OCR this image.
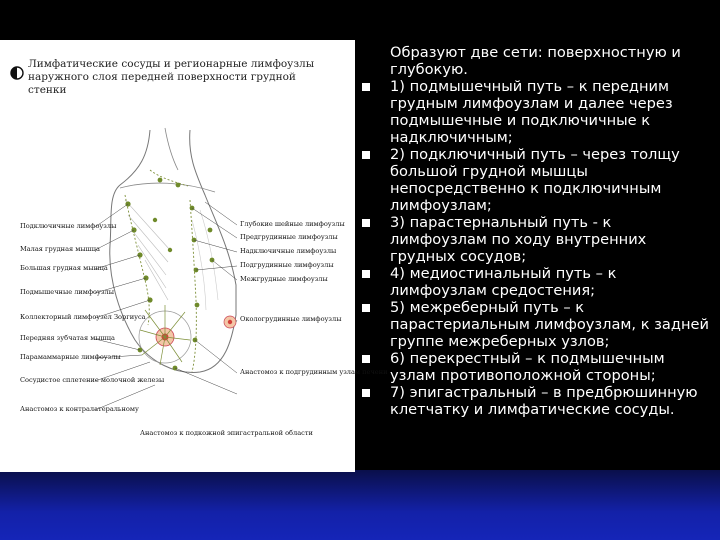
Лимфатические сосуды и регионарные лимфоузлы наружного слоя передней поверхности грудной стенки
Подключичные лимфоузлы
Малая грудная мышца
Большая грудная мышца
Подмышечные лимфоузлы
Коллекторный лимфоузел Зоргиуса
Передняя зубчатая мышца
Парамаммарные лимфоузлы
Сосудистое сплетение молочной железы
Анастомоз к контралатеральному
Глубокие шейные лимфоузлы
Предгрудинные лимфоузлы
Надключичные лимфоузлы
Подгрудинные лимфоузлы
Межгрудные лимфоузлы
Окологрудинные лимфоузлы
Анастомоз к подгрудинным узлам печени
Анастомоз к подкожной эпигастральной области

Образуют две сети: поверхностную и глубокую.

1) подмышечный путь – к передним грудным лимфоузлам и далее через подмышечные и подключичные к надключичным;
2) подключичный путь – через толщу большой грудной мышцы непосредственно к подключичным лимфоузлам;
3) парастернальный путь - к лимфоузлам по ходу внутренних грудных сосудов;
4) медиостинальный путь – к лимфоузлам средостения;
5) межреберный путь – к парастериальным лимфоузлам, к задней группе межреберных узлов;
6) перекрестный – к подмышечным узлам противоположной стороны;
7) эпигастральный – в предбрюшинную клетчатку и лимфатические сосуды.
